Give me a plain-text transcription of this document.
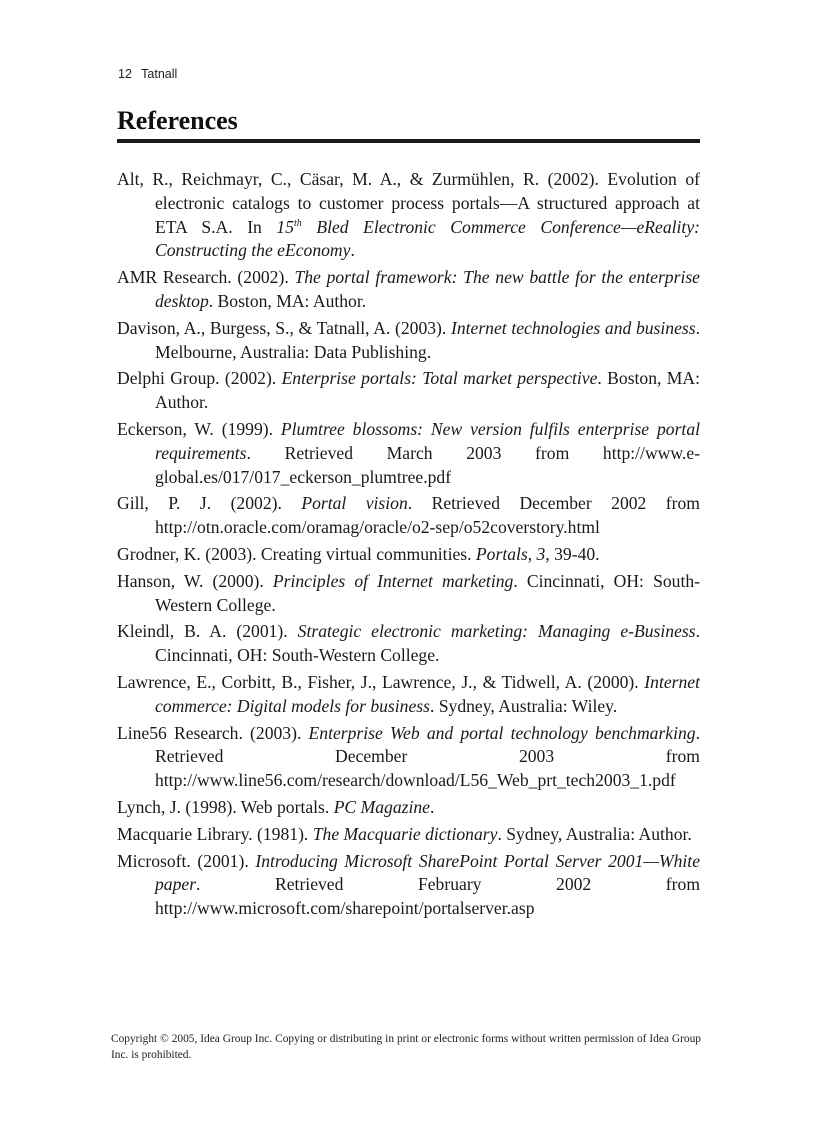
12 Tatnall
References

Alt, R., Reichmayr, C., Cäsar, M. A., & Zurmühlen, R. (2002). Evolution of electronic catalogs to customer process portals—A structured approach at ETA S.A. In 15th Bled Electronic Commerce Conference—eReality: Constructing the eEconomy.

AMR Research. (2002). The portal framework: The new battle for the enterprise desktop. Boston, MA: Author.

Davison, A., Burgess, S., & Tatnall, A. (2003). Internet technologies and business. Melbourne, Australia: Data Publishing.

Delphi Group. (2002). Enterprise portals: Total market perspective. Boston, MA: Author.

Eckerson, W. (1999). Plumtree blossoms: New version fulfils enterprise portal requirements. Retrieved March 2003 from http://www.e-global.es/017/017_eckerson_plumtree.pdf

Gill, P. J. (2002). Portal vision. Retrieved December 2002 from http://otn.oracle.com/oramag/oracle/o2-sep/o52coverstory.html

Grodner, K. (2003). Creating virtual communities. Portals, 3, 39-40.

Hanson, W. (2000). Principles of Internet marketing. Cincinnati, OH: South-Western College.

Kleindl, B. A. (2001). Strategic electronic marketing: Managing e-Business. Cincinnati, OH: South-Western College.

Lawrence, E., Corbitt, B., Fisher, J., Lawrence, J., & Tidwell, A. (2000). Internet commerce: Digital models for business. Sydney, Australia: Wiley.

Line56 Research. (2003). Enterprise Web and portal technology benchmarking. Retrieved December 2003 from http://www.line56.com/research/download/L56_Web_prt_tech2003_1.pdf

Lynch, J. (1998). Web portals. PC Magazine.

Macquarie Library. (1981). The Macquarie dictionary. Sydney, Australia: Author.

Microsoft. (2001). Introducing Microsoft SharePoint Portal Server 2001—White paper. Retrieved February 2002 from http://www.microsoft.com/sharepoint/portalserver.asp

Copyright © 2005, Idea Group Inc. Copying or distributing in print or electronic forms without written permission of Idea Group Inc. is prohibited.
